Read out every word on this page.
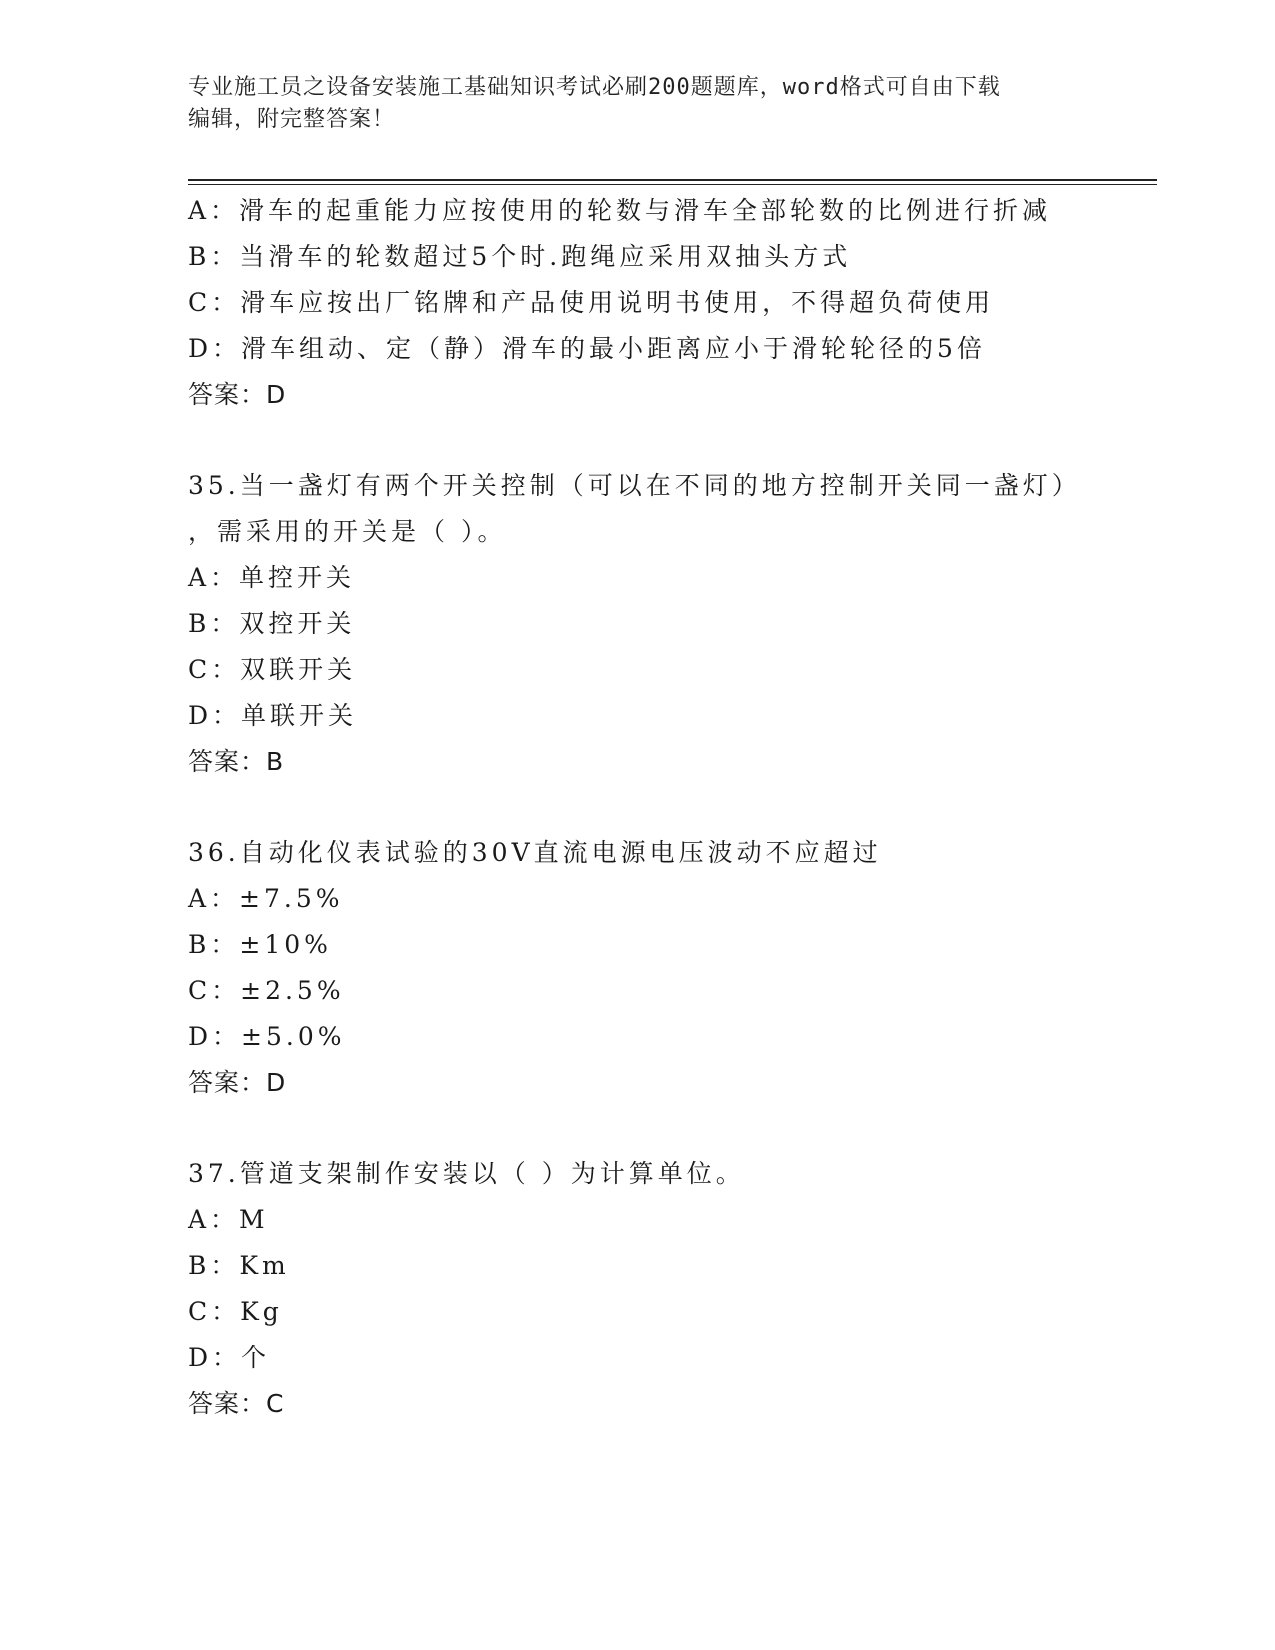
专业施工员之设备安装施工基础知识考试必刷200题题库，word格式可自由下载
编辑，附完整答案！
A：滑车的起重能力应按使用的轮数与滑车全部轮数的比例进行折减
B：当滑车的轮数超过5个时.跑绳应采用双抽头方式
C：滑车应按出厂铭牌和产品使用说明书使用，不得超负荷使用
D：滑车组动、定（静）滑车的最小距离应小于滑轮轮径的5倍
答案：D
35.当一盏灯有两个开关控制（可以在不同的地方控制开关同一盏灯）
，需采用的开关是（ ）。
A：单控开关
B：双控开关
C：双联开关
D：单联开关
答案：B
36.自动化仪表试验的30V直流电源电压波动不应超过
A：±7.5%
B：±10%
C：±2.5%
D：±5.0%
答案：D
37.管道支架制作安装以（ ）为计算单位。
A：M
B：Km
C：Kg
D：个
答案：C
